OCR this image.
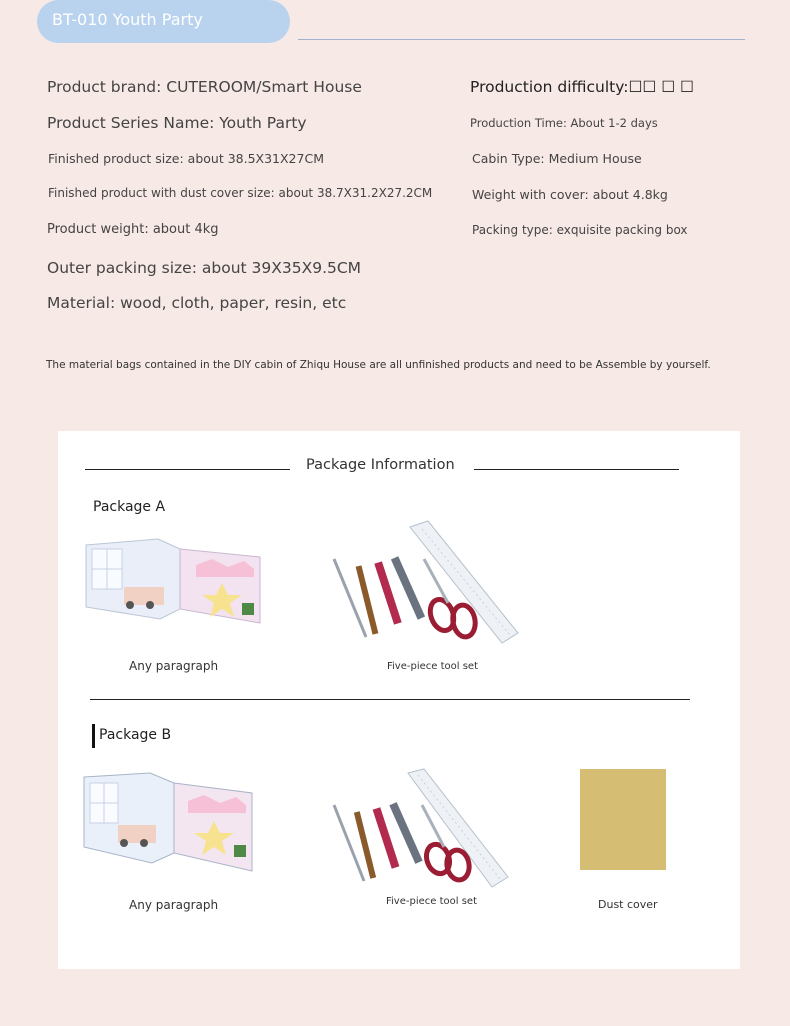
BT-010 Youth Party
Product brand: CUTEROOM/Smart House
Product Series Name: Youth Party
Finished product size: about 38.5X31X27CM
Finished product with dust cover size: about 38.7X31.2X27.2CM
Product weight: about 4kg
Outer packing size: about 39X35X9.5CM
Material: wood, cloth, paper, resin, etc
Production difficulty:☐☐ ☐ ☐
Production Time: About 1-2 days
Cabin Type: Medium House
Weight with cover: about 4.8kg
Packing type: exquisite packing box
The material bags contained in the DIY cabin of Zhiqu House are all unfinished products and need to be Assemble by yourself.
Package Information
Package A
Any paragraph	Five-piece tool set
Package B
Any paragraph	Five-piece tool set	Dust cover
